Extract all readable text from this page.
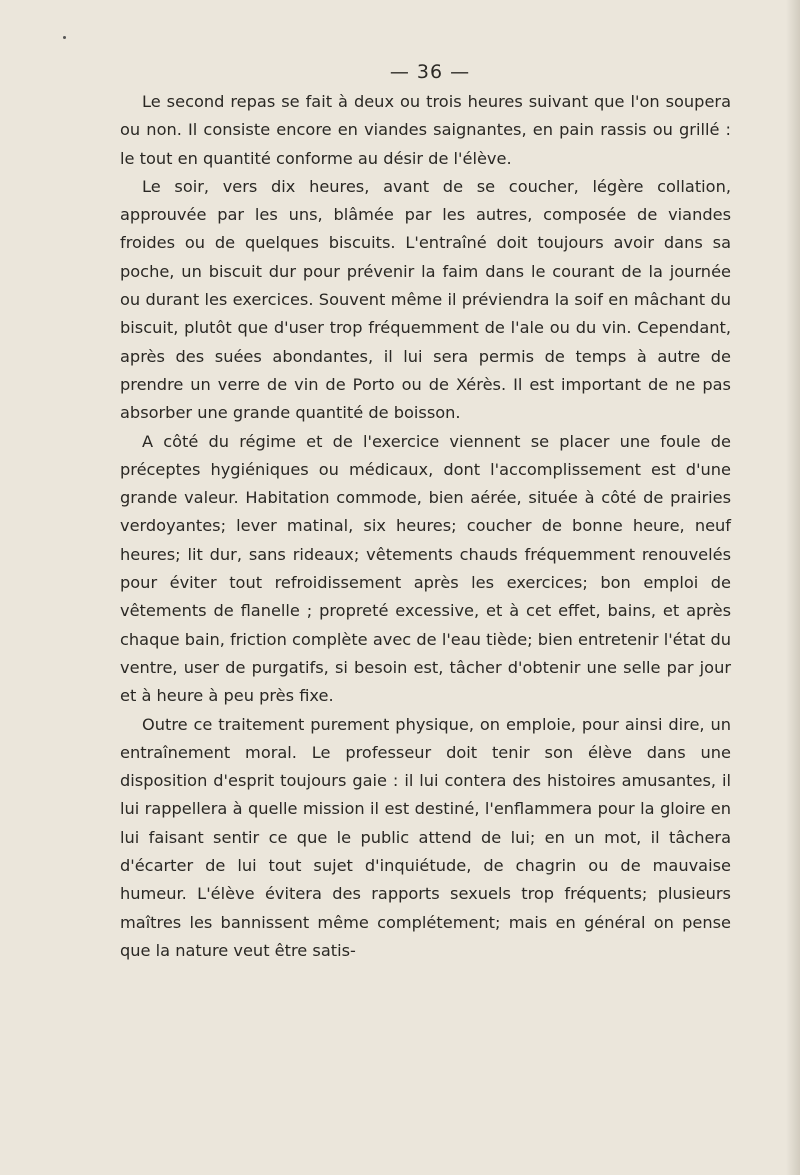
— 36 —

Le second repas se fait à deux ou trois heures suivant que l'on soupera ou non. Il consiste encore en viandes saignantes, en pain rassis ou grillé : le tout en quantité conforme au désir de l'élève.

Le soir, vers dix heures, avant de se coucher, légère collation, approuvée par les uns, blâmée par les autres, composée de viandes froides ou de quelques biscuits. L'entraîné doit toujours avoir dans sa poche, un biscuit dur pour prévenir la faim dans le courant de la journée ou durant les exercices. Souvent même il préviendra la soif en mâchant du biscuit, plutôt que d'user trop fréquemment de l'ale ou du vin. Cependant, après des suées abondantes, il lui sera permis de temps à autre de prendre un verre de vin de Porto ou de Xérès. Il est important de ne pas absorber une grande quantité de boisson.

A côté du régime et de l'exercice viennent se placer une foule de préceptes hygiéniques ou médicaux, dont l'accomplissement est d'une grande valeur. Habitation commode, bien aérée, située à côté de prairies verdoyantes; lever matinal, six heures; coucher de bonne heure, neuf heures; lit dur, sans rideaux; vêtements chauds fréquemment renouvelés pour éviter tout refroidissement après les exercices; bon emploi de vêtements de flanelle ; propreté excessive, et à cet effet, bains, et après chaque bain, friction complète avec de l'eau tiède; bien entretenir l'état du ventre, user de purgatifs, si besoin est, tâcher d'obtenir une selle par jour et à heure à peu près fixe.

Outre ce traitement purement physique, on emploie, pour ainsi dire, un entraînement moral. Le professeur doit tenir son élève dans une disposition d'esprit toujours gaie : il lui contera des histoires amusantes, il lui rappellera à quelle mission il est destiné, l'enflammera pour la gloire en lui faisant sentir ce que le public attend de lui; en un mot, il tâchera d'écarter de lui tout sujet d'inquiétude, de chagrin ou de mauvaise humeur. L'élève évitera des rapports sexuels trop fréquents; plusieurs maîtres les bannissent même complétement; mais en général on pense que la nature veut être satis-
